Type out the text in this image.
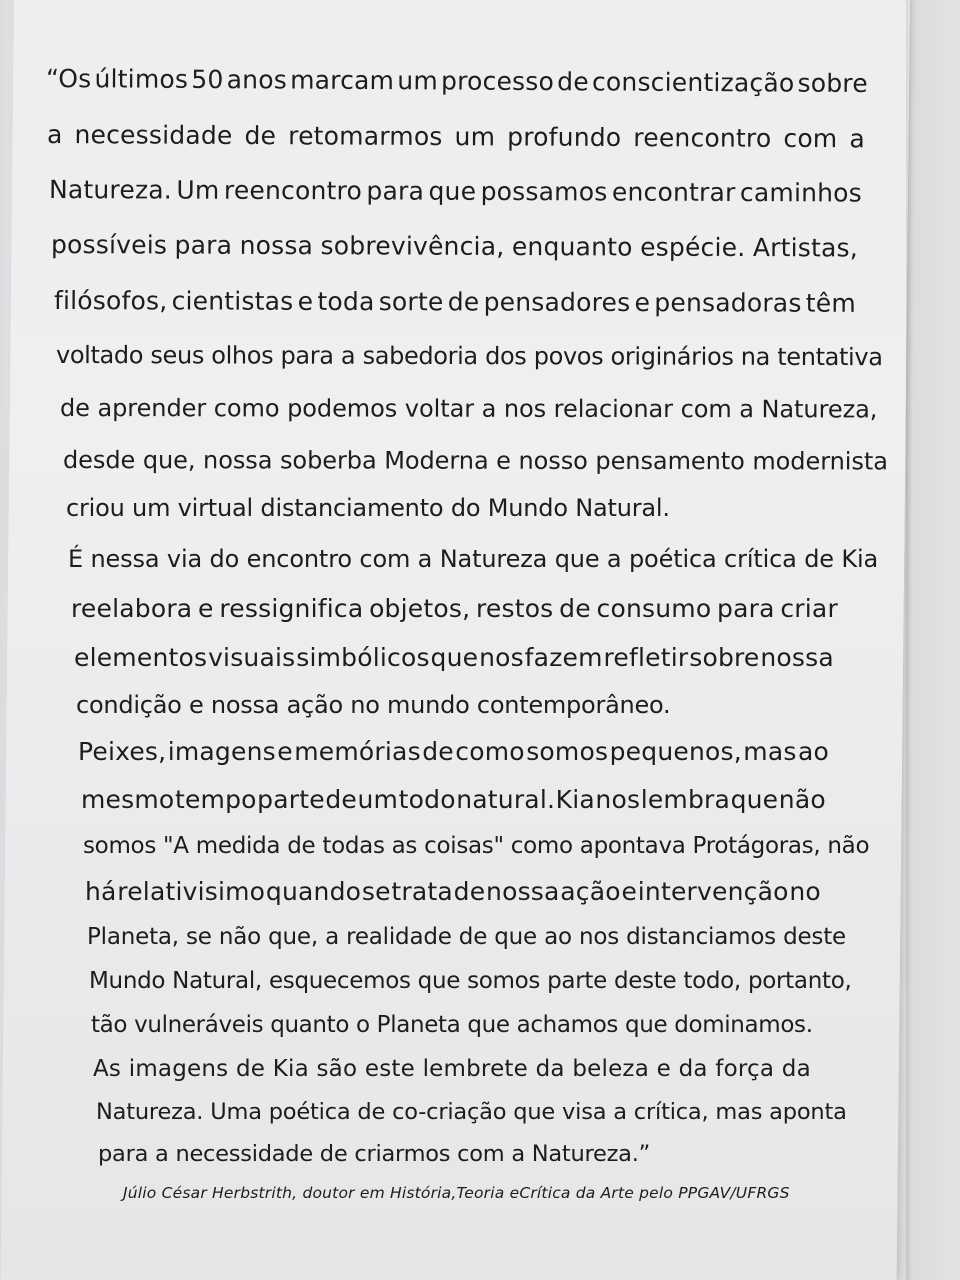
“Os últimos 50 anos marcam um processo de conscientização sobre
a necessidade de retomarmos um profundo reencontro com a
Natureza. Um reencontro para que possamos encontrar caminhos
possíveis para nossa sobrevivência, enquanto espécie. Artistas,
filósofos, cientistas e toda sorte de pensadores e pensadoras têm
voltado seus olhos para a sabedoria dos povos originários na tentativa
de aprender como podemos voltar a nos relacionar com a Natureza,
desde que, nossa soberba Moderna e nosso pensamento modernista
criou um virtual distanciamento do Mundo Natural.
É nessa via do encontro com a Natureza que a poética crítica de Kia
reelabora e ressignifica objetos, restos de consumo para criar
elementos visuais simbólicos que nos fazem refletir sobre nossa
condição e nossa ação no mundo contemporâneo.
Peixes, imagens e memórias de como somos pequenos, mas ao
mesmo tempo parte de um todo natural. Kia nos lembra que não
somos "A medida de todas as coisas" como apontava Protágoras, não
há relativisimo quando se trata de nossa ação e intervenção no
Planeta, se não que, a realidade de que ao nos distanciamos deste
Mundo Natural, esquecemos que somos parte deste todo, portanto,
tão vulneráveis quanto o Planeta que achamos que dominamos.
As imagens de Kia são este lembrete da beleza e da força da
Natureza. Uma poética de co-criação que visa a crítica, mas aponta
para a necessidade de criarmos com a Natureza.”
Júlio César Herbstrith, doutor em História,Teoria eCrítica da Arte pelo PPGAV/UFRGS
